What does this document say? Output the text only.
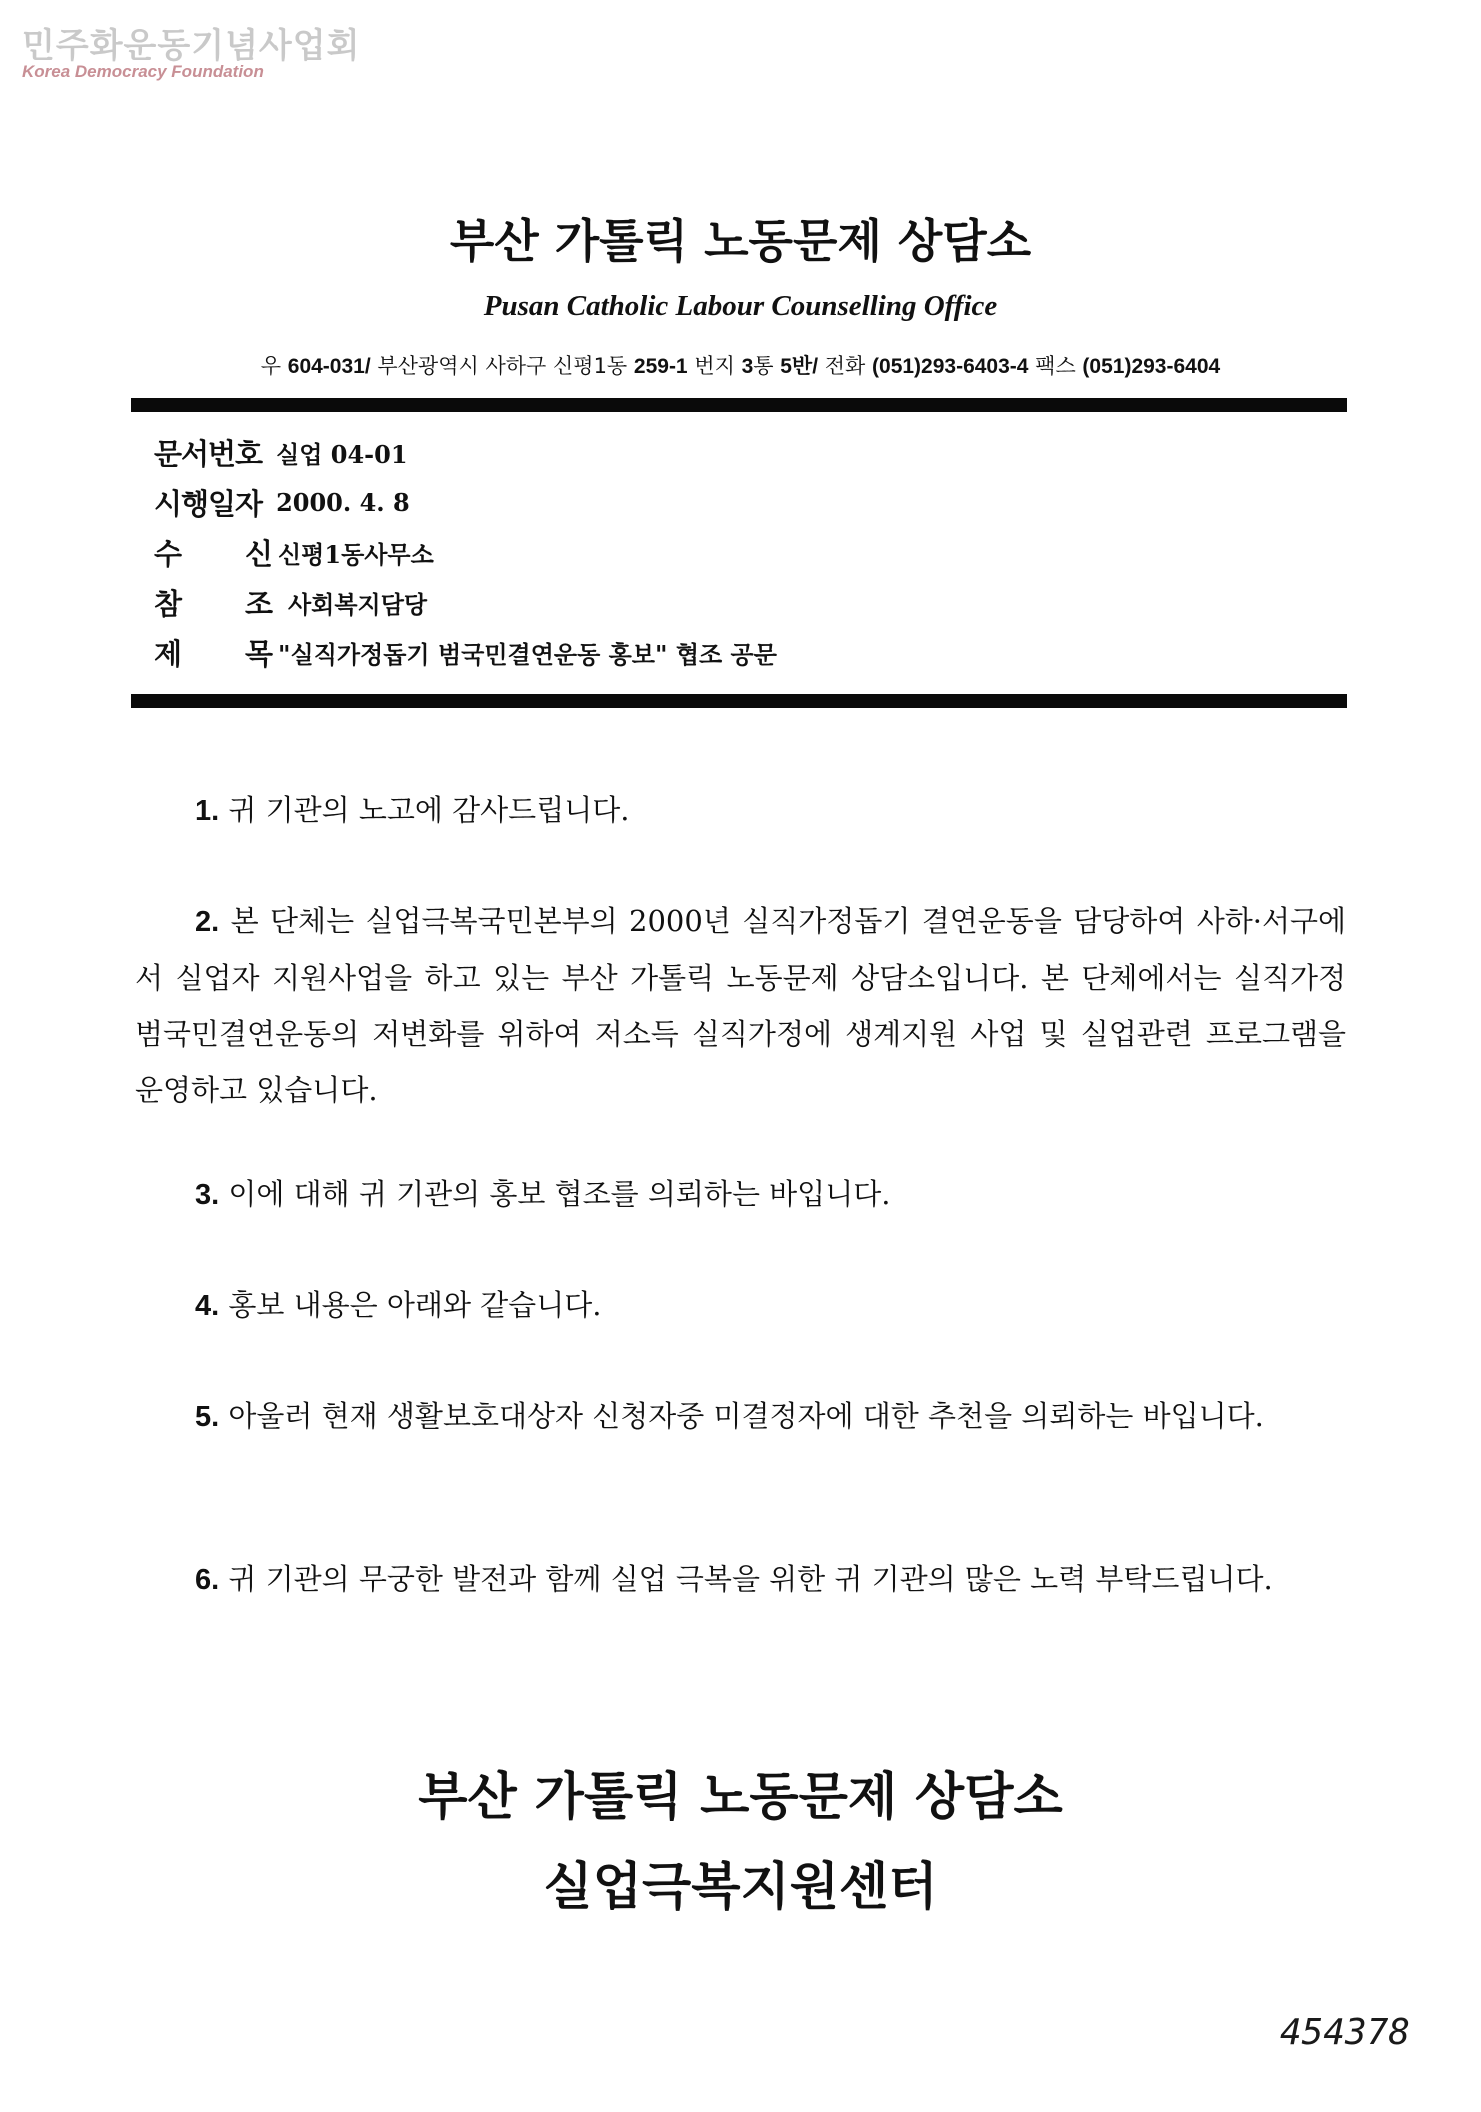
민주화운동기념사업회
Korea Democracy Foundation
부산 가톨릭 노동문제 상담소
Pusan Catholic Labour Counselling Office
우 604-031/ 부산광역시 사하구 신평1동 259-1 번지 3통 5반/ 전화 (051)293-6403-4 팩스 (051)293-6404
문서번호 실업 04-01
시행일자 2000. 4. 8
수 신 신평1동사무소
참 조 사회복지담당
제 목 "실직가정돕기 범국민결연운동 홍보" 협조 공문
1. 귀 기관의 노고에 감사드립니다.
2. 본 단체는 실업극복국민본부의 2000년 실직가정돕기 결연운동을 담당하여 사하·서구에서 실업자 지원사업을 하고 있는 부산 가톨릭 노동문제 상담소입니다. 본 단체에서는 실직가정 범국민결연운동의 저변화를 위하여 저소득 실직가정에 생계지원 사업 및 실업관련 프로그램을 운영하고 있습니다.
3. 이에 대해 귀 기관의 홍보 협조를 의뢰하는 바입니다.
4. 홍보 내용은 아래와 같습니다.
5. 아울러 현재 생활보호대상자 신청자중 미결정자에 대한 추천을 의뢰하는 바입니다.
6. 귀 기관의 무궁한 발전과 함께 실업 극복을 위한 귀 기관의 많은 노력 부탁드립니다.
부산 가톨릭 노동문제 상담소
실업극복지원센터
454378
